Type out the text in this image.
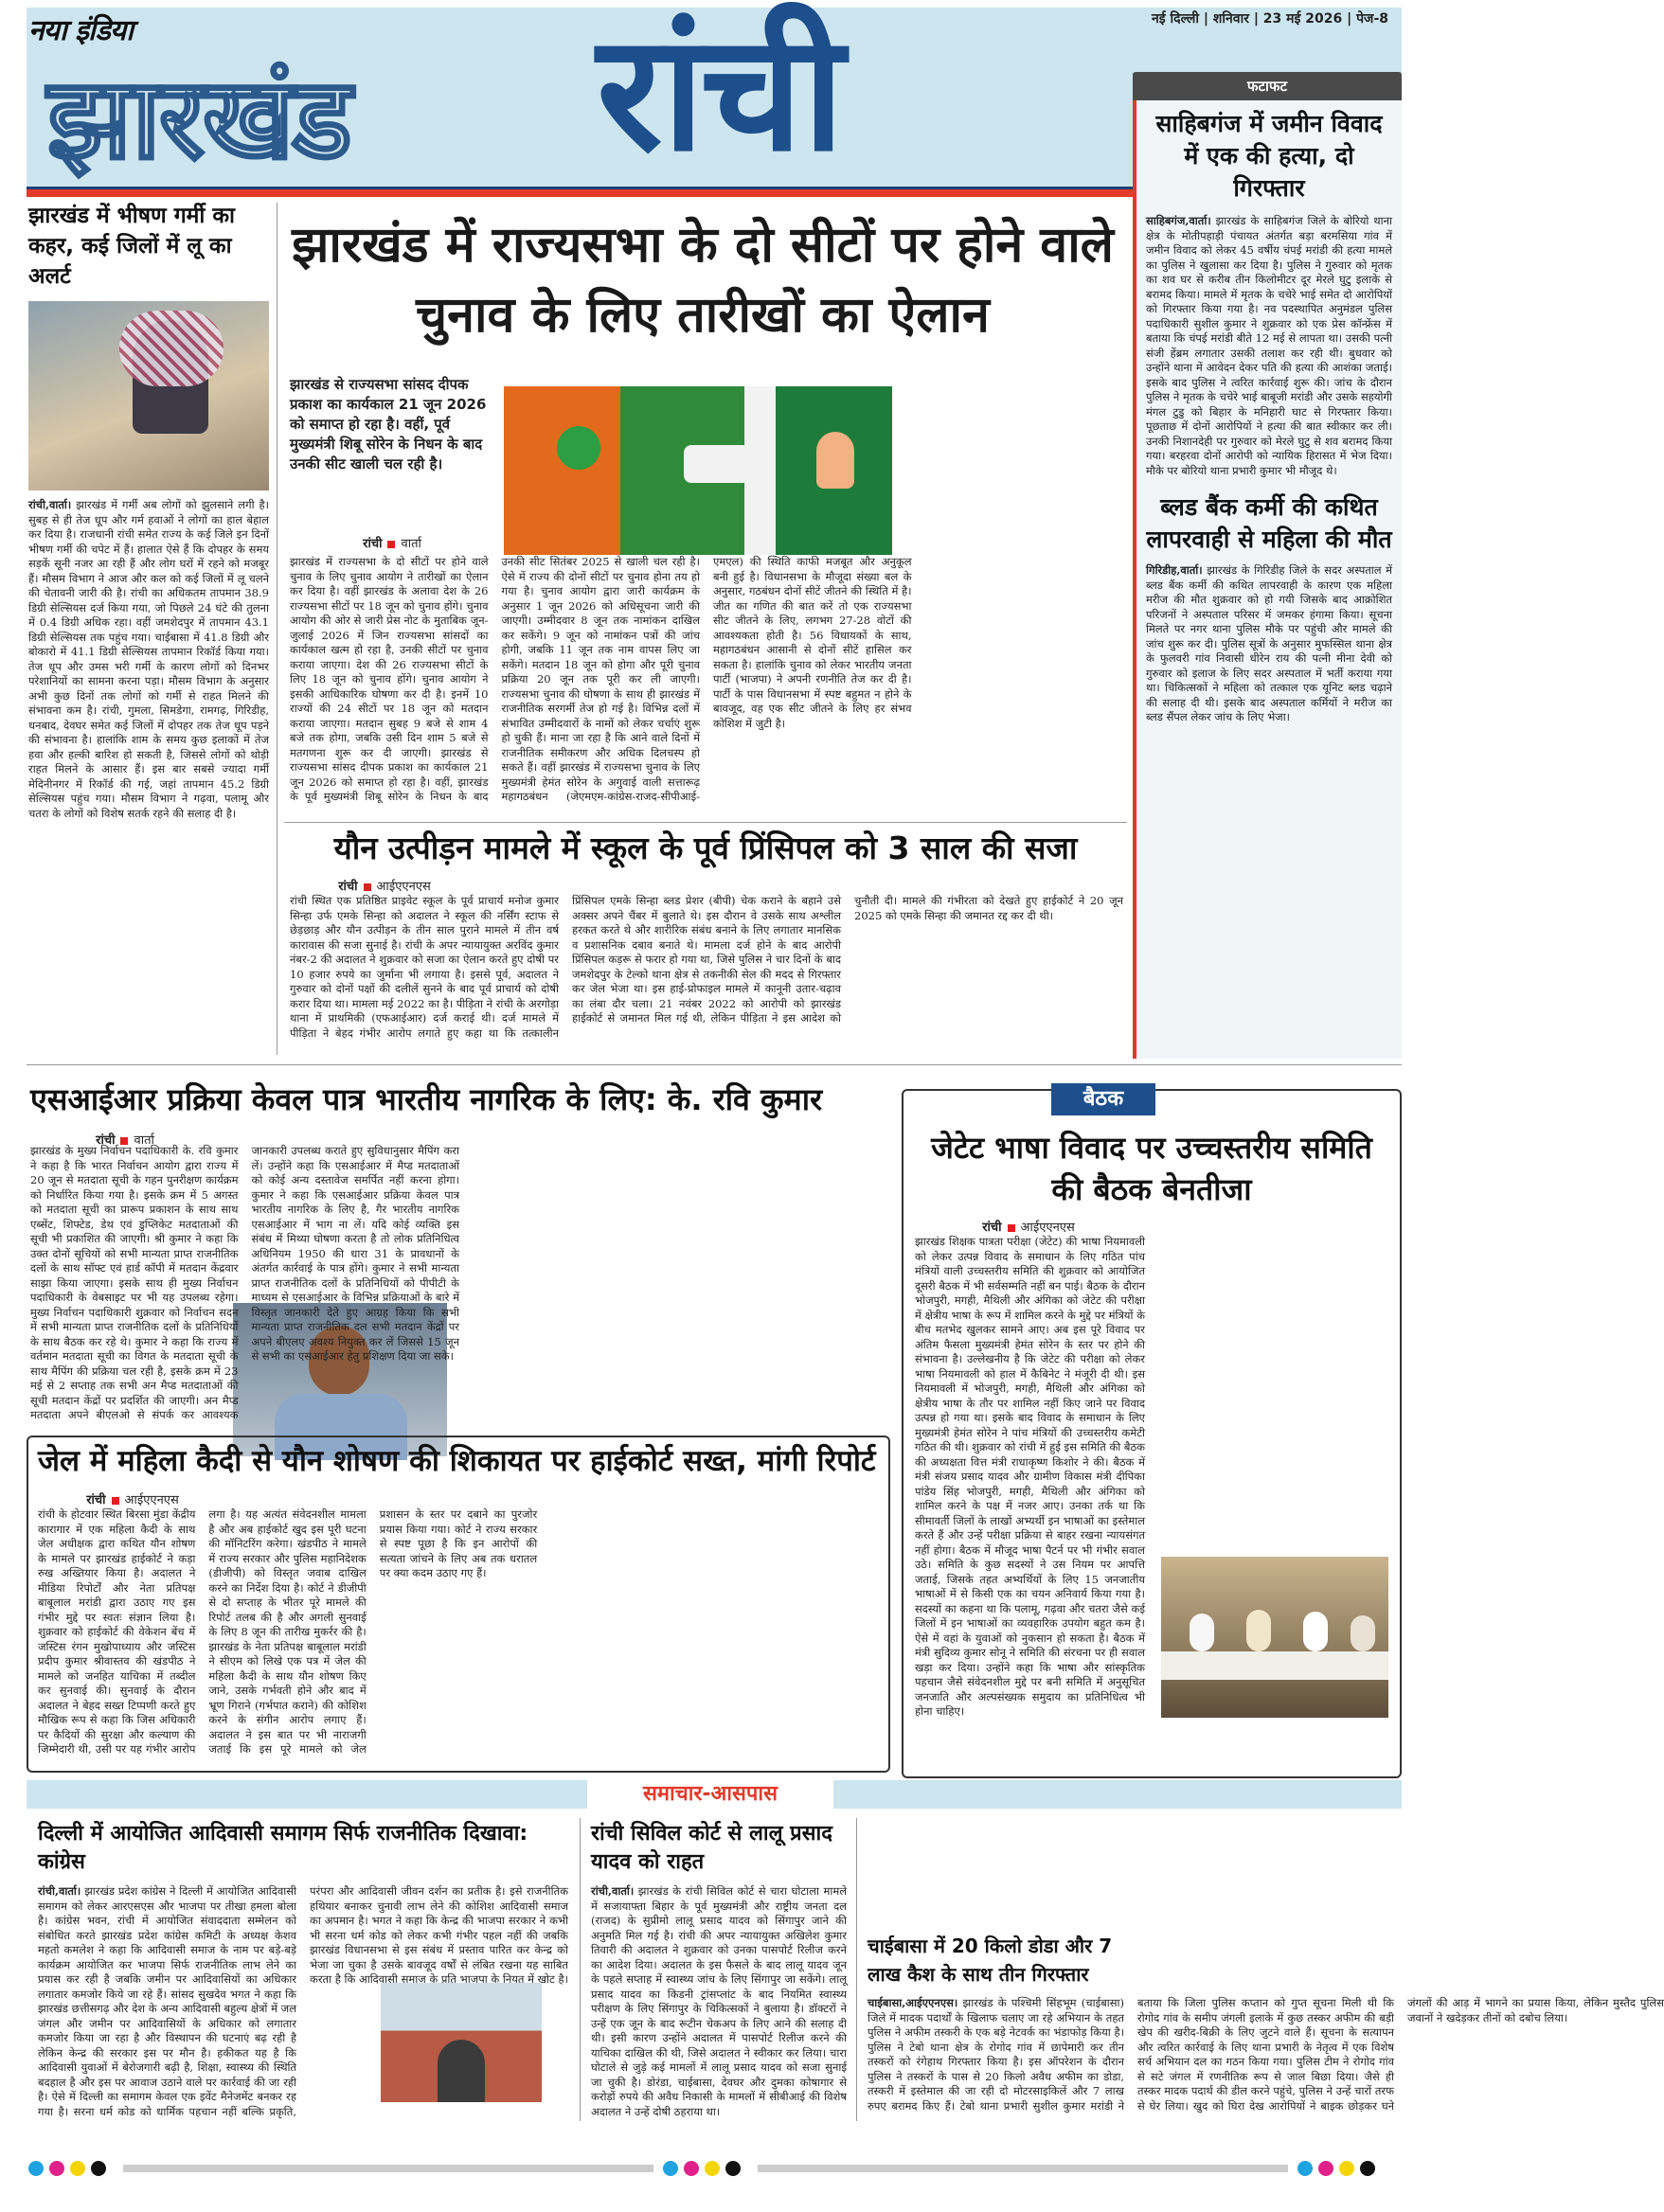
नया इंडिया
झारखंड रांची	नई दिल्ली | शनिवार | 23 मई 2026 | पेज-8
फटाफट
साहिबगंज में जमीन विवाद में एक की हत्या, दो गिरफ्तार
साहिबगंज,वार्ता। झारखंड के साहिबगंज जिले के बोरियो थाना क्षेत्र के मोतीपहाड़ी पंचायत अंतर्गत बड़ा बरमसिया गांव में जमीन विवाद को लेकर 45 वर्षीय चंपई मरांडी की हत्या मामले का पुलिस ने खुलासा कर दिया है। पुलिस ने गुरुवार को मृतक का शव घर से करीब तीन किलोमीटर दूर मेरले घुटु इलाके से बरामद किया। मामले में मृतक के चचेरे भाई समेत दो आरोपियों को गिरफ्तार किया गया है। नव पदस्थापित अनुमंडल पुलिस पदाधिकारी सुशील कुमार ने शुक्रवार को एक प्रेस कॉन्फ्रेंस में बताया कि चंपई मरांडी बीते 12 मई से लापता था। उसकी पत्नी संजी हेंब्रम लगातार उसकी तलाश कर रही थी। बुधवार को उन्होंने थाना में आवेदन देकर पति की हत्या की आशंका जताई। इसके बाद पुलिस ने त्वरित कार्रवाई शुरू की। जांच के दौरान पुलिस ने मृतक के चचेरे भाई बाबूजी मरांडी और उसके सहयोगी मंगल टुडु को बिहार के मनिहारी घाट से गिरफ्तार किया। पूछताछ में दोनों आरोपियों ने हत्या की बात स्वीकार कर ली। उनकी निशानदेही पर गुरुवार को मेरले घुटु से शव बरामद किया गया। बरहरवा दोनों आरोपी को न्यायिक हिरासत में भेज दिया। मौके पर बोरियो थाना प्रभारी कुमार भी मौजूद थे।
ब्लड बैंक कर्मी की कथित लापरवाही से महिला की मौत
गिरिडीह,वार्ता। झारखंड के गिरिडीह जिले के सदर अस्पताल में ब्लड बैंक कर्मी की कथित लापरवाही के कारण एक महिला मरीज की मौत शुक्रवार को हो गयी जिसके बाद आक्रोशित परिजनों ने अस्पताल परिसर में जमकर हंगामा किया। सूचना मिलते पर नगर थाना पुलिस मौके पर पहुंची और मामले की जांच शुरू कर दी। पुलिस सूत्रों के अनुसार मुफस्सिल थाना क्षेत्र के फुलवरी गांव निवासी धीरेन राय की पत्नी मीना देवी को गुरुवार को इलाज के लिए सदर अस्पताल में भर्ती कराया गया था। चिकित्सकों ने महिला को तत्काल एक यूनिट ब्लड चढ़ाने की सलाह दी थी। इसके बाद अस्पताल कर्मियों ने मरीज का ब्लड सैंपल लेकर जांच के लिए भेजा।
झारखंड में भीषण गर्मी का कहर, कई जिलों में लू का अलर्ट
रांची,वार्ता। झारखंड में गर्मी अब लोगों को झुलसाने लगी है। सुबह से ही तेज धूप और गर्म हवाओं ने लोगों का हाल बेहाल कर दिया है। राजधानी रांची समेत राज्य के कई जिले इन दिनों भीषण गर्मी की चपेट में हैं। हालात ऐसे हैं कि दोपहर के समय सड़कें सूनी नजर आ रही हैं और लोग घरों में रहने को मजबूर हैं। मौसम विभाग ने आज और कल को कई जिलों में लू चलने की चेतावनी जारी की है। रांची का अधिकतम तापमान 38.9 डिग्री सेल्सियस दर्ज किया गया, जो पिछले 24 घंटे की तुलना में 0.4 डिग्री अधिक रहा। वहीं जमशेदपुर में तापमान 43.1 डिग्री सेल्सियस तक पहुंच गया। चाईबासा में 41.8 डिग्री और बोकारो में 41.1 डिग्री सेल्सियस तापमान रिकॉर्ड किया गया। तेज धूप और उमस भरी गर्मी के कारण लोगों को दिनभर परेशानियों का सामना करना पड़ा। मौसम विभाग के अनुसार अभी कुछ दिनों तक लोगों को गर्मी से राहत मिलने की संभावना कम है। रांची, गुमला, सिमडेगा, रामगढ़, गिरिडीह, धनबाद, देवघर समेत कई जिलों में दोपहर तक तेज धूप पड़ने की संभावना है। हालांकि शाम के समय कुछ इलाकों में तेज हवा और हल्की बारिश हो सकती है, जिससे लोगों को थोड़ी राहत मिलने के आसार हैं। इस बार सबसे ज्यादा गर्मी मेदिनीनगर में रिकॉर्ड की गई, जहां तापमान 45.2 डिग्री सेल्सियस पहुंच गया। मौसम विभाग ने गढ़वा, पलामू और चतरा के लोगों को विशेष सतर्क रहने की सलाह दी है।
झारखंड में राज्यसभा के दो सीटों पर होने वाले चुनाव के लिए तारीखों का ऐलान
झारखंड से राज्यसभा सांसद दीपक प्रकाश का कार्यकाल 21 जून 2026 को समाप्त हो रहा है। वहीं, पूर्व मुख्यमंत्री शिबू सोरेन के निधन के बाद उनकी सीट खाली चल रही है।
रांची वार्ता
झारखंड में राज्यसभा के दो सीटों पर होने वाले चुनाव के लिए चुनाव आयोग ने तारीखों का ऐलान कर दिया है। वहीं झारखंड के अलावा देश के 26 राज्यसभा सीटों पर 18 जून को चुनाव होंगे। चुनाव आयोग की ओर से जारी प्रेस नोट के मुताबिक जून-जुलाई 2026 में जिन राज्यसभा सांसदों का कार्यकाल खत्म हो रहा है, उनकी सीटों पर चुनाव कराया जाएगा। देश की 26 राज्यसभा सीटों के लिए 18 जून को चुनाव होंगे। चुनाव आयोग ने इसकी आधिकारिक घोषणा कर दी है। इनमें 10 राज्यों की 24 सीटों पर 18 जून को मतदान कराया जाएगा। मतदान सुबह 9 बजे से शाम 4 बजे तक होगा, जबकि उसी दिन शाम 5 बजे से मतगणना शुरू कर दी जाएगी। झारखंड से राज्यसभा सांसद दीपक प्रकाश का कार्यकाल 21 जून 2026 को समाप्त हो रहा है। वहीं, झारखंड के पूर्व मुख्यमंत्री शिबू सोरेन के निधन के बाद उनकी सीट सितंबर 2025 से खाली चल रही है। ऐसे में राज्य की दोनों सीटों पर चुनाव होना तय हो गया है। चुनाव आयोग द्वारा जारी कार्यक्रम के अनुसार 1 जून 2026 को अधिसूचना जारी की जाएगी। उम्मीदवार 8 जून तक नामांकन दाखिल कर सकेंगे। 9 जून को नामांकन पत्रों की जांच होगी, जबकि 11 जून तक नाम वापस लिए जा सकेंगे। मतदान 18 जून को होगा और पूरी चुनाव प्रक्रिया 20 जून तक पूरी कर ली जाएगी। राज्यसभा चुनाव की घोषणा के साथ ही झारखंड में राजनीतिक सरगर्मी तेज हो गई है। विभिन्न दलों में संभावित उम्मीदवारों के नामों को लेकर चर्चाएं शुरू हो चुकी हैं। माना जा रहा है कि आने वाले दिनों में राजनीतिक समीकरण और अधिक दिलचस्प हो सकते हैं। वहीं झारखंड में राज्यसभा चुनाव के लिए मुख्यमंत्री हेमंत सोरेन के अगुवाई वाली सत्तारूढ़ महागठबंधन (जेएमएम-कांग्रेस-राजद-सीपीआई-एमएल) की स्थिति काफी मजबूत और अनुकूल बनी हुई है। विधानसभा के मौजूदा संख्या बल के अनुसार, गठबंधन दोनों सीटें जीतने की स्थिति में है। जीत का गणित की बात करें तो एक राज्यसभा सीट जीतने के लिए, लगभग 27-28 वोटों की आवश्यकता होती है। 56 विधायकों के साथ, महागठबंधन आसानी से दोनों सीटें हासिल कर सकता है। हालांकि चुनाव को लेकर भारतीय जनता पार्टी (भाजपा) ने अपनी रणनीति तेज कर दी है। पार्टी के पास विधानसभा में स्पष्ट बहुमत न होने के बावजूद, वह एक सीट जीतने के लिए हर संभव कोशिश में जुटी है।
यौन उत्पीड़न मामले में स्कूल के पूर्व प्रिंसिपल को 3 साल की सजा
रांची आईएएनएस
रांची स्थित एक प्रतिष्ठित प्राइवेट स्कूल के पूर्व प्राचार्य मनोज कुमार सिन्हा उर्फ एमके सिन्हा को अदालत ने स्कूल की नर्सिंग स्टाफ से छेड़छाड़ और यौन उत्पीड़न के तीन साल पुराने मामले में तीन वर्ष कारावास की सजा सुनाई है। रांची के अपर न्यायायुक्त अरविंद कुमार नंबर-2 की अदालत ने शुक्रवार को सजा का ऐलान करते हुए दोषी पर 10 हजार रुपये का जुर्माना भी लगाया है। इससे पूर्व, अदालत ने गुरुवार को दोनों पक्षों की दलीलें सुनने के बाद पूर्व प्राचार्य को दोषी करार दिया था। मामला मई 2022 का है। पीड़िता ने रांची के अरगोड़ा थाना में प्राथमिकी (एफआईआर) दर्ज कराई थी। दर्ज मामले में पीड़िता ने बेहद गंभीर आरोप लगाते हुए कहा था कि तत्कालीन प्रिंसिपल एमके सिन्हा ब्लड प्रेशर (बीपी) चेक कराने के बहाने उसे अक्सर अपने चैंबर में बुलाते थे। इस दौरान वे उसके साथ अश्लील हरकत करते थे और शारीरिक संबंध बनाने के लिए लगातार मानसिक व प्रशासनिक दबाव बनाते थे। मामला दर्ज होने के बाद आरोपी प्रिंसिपल कड़रू से फरार हो गया था, जिसे पुलिस ने चार दिनों के बाद जमशेदपुर के टेल्को थाना क्षेत्र से तकनीकी सेल की मदद से गिरफ्तार कर जेल भेजा था। इस हाई-प्रोफाइल मामले में कानूनी उतार-चढ़ाव का लंबा दौर चला। 21 नवंबर 2022 को आरोपी को झारखंड हाईकोर्ट से जमानत मिल गई थी, लेकिन पीड़िता ने इस आदेश को चुनौती दी। मामले की गंभीरता को देखते हुए हाईकोर्ट ने 20 जून 2025 को एमके सिन्हा की जमानत रद्द कर दी थी।
एसआईआर प्रक्रिया केवल पात्र भारतीय नागरिक के लिए: के. रवि कुमार
रांची वार्ता
झारखंड के मुख्य निर्वाचन पदाधिकारी के. रवि कुमार ने कहा है कि भारत निर्वाचन आयोग द्वारा राज्य में 20 जून से मतदाता सूची के गहन पुनरीक्षण कार्यक्रम को निर्धारित किया गया है। इसके क्रम में 5 अगस्त को मतदाता सूची का प्रारूप प्रकाशन के साथ साथ एब्सेंट, शिफ्टेड, डेथ एवं डुप्लिकेट मतदाताओं की सूची भी प्रकाशित की जाएगी। श्री कुमार ने कहा कि उक्त दोनों सूचियों को सभी मान्यता प्राप्त राजनीतिक दलों के साथ सॉफ्ट एवं हार्ड कॉपी में मतदान केंद्रवार साझा किया जाएगा। इसके साथ ही मुख्य निर्वाचन पदाधिकारी के वेबसाइट पर भी यह उपलब्ध रहेगा। मुख्य निर्वाचन पदाधिकारी शुक्रवार को निर्वाचन सदन में सभी मान्यता प्राप्त राजनीतिक दलों के प्रतिनिधियों के साथ बैठक कर रहे थे। कुमार ने कहा कि राज्य में वर्तमान मतदाता सूची का विगत के मतदाता सूची के साथ मैपिंग की प्रक्रिया चल रही है, इसके क्रम में 23 मई से 2 सप्ताह तक सभी अन मैप्ड मतदाताओं की सूची मतदान केंद्रों पर प्रदर्शित की जाएगी। अन मैप्ड मतदाता अपने बीएलओ से संपर्क कर आवश्यक जानकारी उपलब्ध कराते हुए सुविधानुसार मैपिंग करा लें। उन्होंने कहा कि एसआईआर में मैप्ड मतदाताओं को कोई अन्य दस्तावेज समर्पित नहीं करना होगा। कुमार ने कहा कि एसआईआर प्रक्रिया केवल पात्र भारतीय नागरिक के लिए है, गैर भारतीय नागरिक एसआईआर में भाग ना लें। यदि कोई व्यक्ति इस संबंध में मिथ्या घोषणा करता है तो लोक प्रतिनिधित्व अधिनियम 1950 की धारा 31 के प्रावधानों के अंतर्गत कार्रवाई के पात्र होंगे। कुमार ने सभी मान्यता प्राप्त राजनीतिक दलों के प्रतिनिधियों को पीपीटी के माध्यम से एसआईआर के विभिन्न प्रक्रियाओं के बारे में विस्तृत जानकारी देते हुए आग्रह किया कि सभी मान्यता प्राप्त राजनीतिक दल सभी मतदान केंद्रों पर अपने बीएलए अवश्य नियुक्त कर लें जिससे 15 जून से सभी का एसआईआर हेतु प्रशिक्षण दिया जा सके।
बैठक
जेटेट भाषा विवाद पर उच्चस्तरीय समिति की बैठक बेनतीजा
रांची आईएएनएस
झारखंड शिक्षक पात्रता परीक्षा (जेटेट) की भाषा नियमावली को लेकर उत्पन्न विवाद के समाधान के लिए गठित पांच मंत्रियों वाली उच्चस्तरीय समिति की शुक्रवार को आयोजित दूसरी बैठक में भी सर्वसम्मति नहीं बन पाई। बैठक के दौरान भोजपुरी, मगही, मैथिली और अंगिका को जेटेट की परीक्षा में क्षेत्रीय भाषा के रूप में शामिल करने के मुद्दे पर मंत्रियों के बीच मतभेद खुलकर सामने आए। अब इस पूरे विवाद पर अंतिम फैसला मुख्यमंत्री हेमंत सोरेन के स्तर पर होने की संभावना है। उल्लेखनीय है कि जेटेट की परीक्षा को लेकर भाषा नियमावली को हाल में कैबिनेट ने मंजूरी दी थी। इस नियमावली में भोजपुरी, मगही, मैथिली और अंगिका को क्षेत्रीय भाषा के तौर पर शामिल नहीं किए जाने पर विवाद उत्पन्न हो गया था। इसके बाद विवाद के समाधान के लिए मुख्यमंत्री हेमंत सोरेन ने पांच मंत्रियों की उच्चस्तरीय कमेटी गठित की थी। शुक्रवार को रांची में हुई इस समिति की बैठक की अध्यक्षता वित्त मंत्री राधाकृष्ण किशोर ने की। बैठक में मंत्री संजय प्रसाद यादव और ग्रामीण विकास मंत्री दीपिका पांडेय सिंह भोजपुरी, मगही, मैथिली और अंगिका को शामिल करने के पक्ष में नजर आए। उनका तर्क था कि सीमावर्ती जिलों के लाखों अभ्यर्थी इन भाषाओं का इस्तेमाल करते हैं और उन्हें परीक्षा प्रक्रिया से बाहर रखना न्यायसंगत नहीं होगा। बैठक में मौजूद भाषा पैटर्न पर भी गंभीर सवाल उठे। समिति के कुछ सदस्यों ने उस नियम पर आपत्ति जताई, जिसके तहत अभ्यर्थियों के लिए 15 जनजातीय भाषाओं में से किसी एक का चयन अनिवार्य किया गया है। सदस्यों का कहना था कि पलामू, गढ़वा और चतरा जैसे कई जिलों में इन भाषाओं का व्यवहारिक उपयोग बहुत कम है। ऐसे में वहां के युवाओं को नुकसान हो सकता है। बैठक में मंत्री सुदिव्य कुमार सोनू ने समिति की संरचना पर ही सवाल खड़ा कर दिया। उन्होंने कहा कि भाषा और सांस्कृतिक पहचान जैसे संवेदनशील मुद्दे पर बनी समिति में अनुसूचित जनजाति और अल्पसंख्यक समुदाय का प्रतिनिधित्व भी होना चाहिए।
जेल में महिला कैदी से यौन शोषण की शिकायत पर हाईकोर्ट सख्त, मांगी रिपोर्ट
रांची आईएएनएस
रांची के होटवार स्थित बिरसा मुंडा केंद्रीय कारागार में एक महिला कैदी के साथ जेल अधीक्षक द्वारा कथित यौन शोषण के मामले पर झारखंड हाईकोर्ट ने कड़ा रुख अख्तियार किया है। अदालत ने मीडिया रिपोर्टों और नेता प्रतिपक्ष बाबूलाल मरांडी द्वारा उठाए गए इस गंभीर मुद्दे पर स्वतः संज्ञान लिया है। शुक्रवार को हाईकोर्ट की वेकेशन बेंच में जस्टिस रंगन मुखोपाध्याय और जस्टिस प्रदीप कुमार श्रीवास्तव की खंडपीठ ने मामले को जनहित याचिका में तब्दील कर सुनवाई की। सुनवाई के दौरान अदालत ने बेहद सख्त टिप्पणी करते हुए मौखिक रूप से कहा कि जिस अधिकारी पर कैदियों की सुरक्षा और कल्याण की जिम्मेदारी थी, उसी पर यह गंभीर आरोप लगा है। यह अत्यंत संवेदनशील मामला है और अब हाईकोर्ट खुद इस पूरी घटना की मॉनिटरिंग करेगा। खंडपीठ ने मामले में राज्य सरकार और पुलिस महानिदेशक (डीजीपी) को विस्तृत जवाब दाखिल करने का निर्देश दिया है। कोर्ट ने डीजीपी से दो सप्ताह के भीतर पूरे मामले की रिपोर्ट तलब की है और अगली सुनवाई के लिए 8 जून की तारीख मुकर्रर की है। झारखंड के नेता प्रतिपक्ष बाबूलाल मरांडी ने सीएम को लिखे एक पत्र में जेल की महिला कैदी के साथ यौन शोषण किए जाने, उसके गर्भवती होने और बाद में भ्रूण गिराने (गर्भपात कराने) की कोशिश करने के संगीन आरोप लगाए हैं। अदालत ने इस बात पर भी नाराजगी जताई कि इस पूरे मामले को जेल प्रशासन के स्तर पर दबाने का पुरजोर प्रयास किया गया। कोर्ट ने राज्य सरकार से स्पष्ट पूछा है कि इन आरोपों की सत्यता जांचने के लिए अब तक धरातल पर क्या कदम उठाए गए हैं।
समाचार-आसपास
दिल्ली में आयोजित आदिवासी समागम सिर्फ राजनीतिक दिखावा: कांग्रेस
रांची,वार्ता। झारखंड प्रदेश कांग्रेस ने दिल्ली में आयोजित आदिवासी समागम को लेकर आरएसएस और भाजपा पर तीखा हमला बोला है। कांग्रेस भवन, रांची में आयोजित संवाददाता सम्मेलन को संबोधित करते झारखंड प्रदेश कांग्रेस कमिटी के अध्यक्ष केशव महतो कमलेश ने कहा कि आदिवासी समाज के नाम पर बड़े-बड़े कार्यक्रम आयोजित कर भाजपा सिर्फ राजनीतिक लाभ लेने का प्रयास कर रही है जबकि जमीन पर आदिवासियों का अधिकार लगातार कमजोर किये जा रहे हैं। सांसद सुखदेव भगत ने कहा कि झारखंड छत्तीसगढ़ और देश के अन्य आदिवासी बहुल्य क्षेत्रों में जल जंगल और जमीन पर आदिवासियों के अधिकार को लगातार कमजोर किया जा रहा है और विस्थापन की घटनाएं बढ़ रही है लेकिन केन्द्र की सरकार इस पर मौन है। हकीकत यह है कि आदिवासी युवाओं में बेरोजगारी बढ़ी है, शिक्षा, स्वास्थ्य की स्थिति बदहाल है और इस पर आवाज उठाने वाले पर कार्रवाई की जा रही है। ऐसे में दिल्ली का समागम केवल एक इवेंट मैनेजमेंट बनकर रह गया है। सरना धर्म कोड को धार्मिक पहचान नहीं बल्कि प्रकृति, परंपरा और आदिवासी जीवन दर्शन का प्रतीक है। इसे राजनीतिक हथियार बनाकर चुनावी लाभ लेने की कोशिश आदिवासी समाज का अपमान है। भगत ने कहा कि केन्द्र की भाजपा सरकार ने कभी भी सरना धर्म कोड को लेकर कभी गंभीर पहल नहीं की जबकि झारखंड विधानसभा से इस संबंध में प्रस्ताव पारित कर केन्द्र को भेजा जा चुका है उसके बावजूद वर्षों से लंबित रखना यह साबित करता है कि आदिवासी समाज के प्रति भाजपा के नियत में खोट है।
रांची सिविल कोर्ट से लालू प्रसाद यादव को राहत
रांची,वार्ता। झारखंड के रांची सिविल कोर्ट से चारा घोटाला मामले में सजायाफ्ता बिहार के पूर्व मुख्यमंत्री और राष्ट्रीय जनता दल (राजद) के सुप्रीमो लालू प्रसाद यादव को सिंगापुर जाने की अनुमति मिल गई है। रांची की अपर न्यायायुक्त अखिलेश कुमार तिवारी की अदालत ने शुक्रवार को उनका पासपोर्ट रिलीज करने का आदेश दिया। अदालत के इस फैसले के बाद लालू यादव जून के पहले सप्ताह में स्वास्थ्य जांच के लिए सिंगापुर जा सकेंगे। लालू प्रसाद यादव का किडनी ट्रांसप्लांट के बाद नियमित स्वास्थ्य परीक्षण के लिए सिंगापुर के चिकित्सकों ने बुलाया है। डॉक्टरों ने उन्हें एक जून के बाद रूटीन चेकअप के लिए आने की सलाह दी थी। इसी कारण उन्होंने अदालत में पासपोर्ट रिलीज करने की याचिका दाखिल की थी, जिसे अदालत ने स्वीकार कर लिया। चारा घोटाले से जुड़े कई मामलों में लालू प्रसाद यादव को सजा सुनाई जा चुकी है। डोरंडा, चाईबासा, देवघर और दुमका कोषागार से करोड़ों रुपये की अवैध निकासी के मामलों में सीबीआई की विशेष अदालत ने उन्हें दोषी ठहराया था।
चाईबासा में 20 किलो डोडा और 7 लाख कैश के साथ तीन गिरफ्तार
चाईबासा,आईएएनएस। झारखंड के पश्चिमी सिंहभूम (चाईबासा) जिले में मादक पदार्थों के खिलाफ चलाए जा रहे अभियान के तहत पुलिस ने अफीम तस्करी के एक बड़े नेटवर्क का भंडाफोड़ किया है। पुलिस ने टेबो थाना क्षेत्र के रोगोद गांव में छापेमारी कर तीन तस्करों को रंगेहाथ गिरफ्तार किया है। इस ऑपरेशन के दौरान पुलिस ने तस्करों के पास से 20 किलो अवैध अफीम का डोडा, तस्करी में इस्तेमाल की जा रही दो मोटरसाइकिलें और 7 लाख रुपए बरामद किए हैं। टेबो थाना प्रभारी सुशील कुमार मरांडी ने बताया कि जिला पुलिस कप्तान को गुप्त सूचना मिली थी कि रोगोद गांव के समीप जंगली इलाके में कुछ तस्कर अफीम की बड़ी खेप की खरीद-बिक्री के लिए जुटने वाले हैं। सूचना के सत्यापन और त्वरित कार्रवाई के लिए थाना प्रभारी के नेतृत्व में एक विशेष सर्च अभियान दल का गठन किया गया। पुलिस टीम ने रोगोद गांव से सटे जंगल में रणनीतिक रूप से जाल बिछा दिया। जैसे ही तस्कर मादक पदार्थ की डील करने पहुंचे, पुलिस ने उन्हें चारों तरफ से घेर लिया। खुद को घिरा देख आरोपियों ने बाइक छोड़कर घने जंगलों की आड़ में भागने का प्रयास किया, लेकिन मुस्तैद पुलिस जवानों ने खदेड़कर तीनों को दबोच लिया।
